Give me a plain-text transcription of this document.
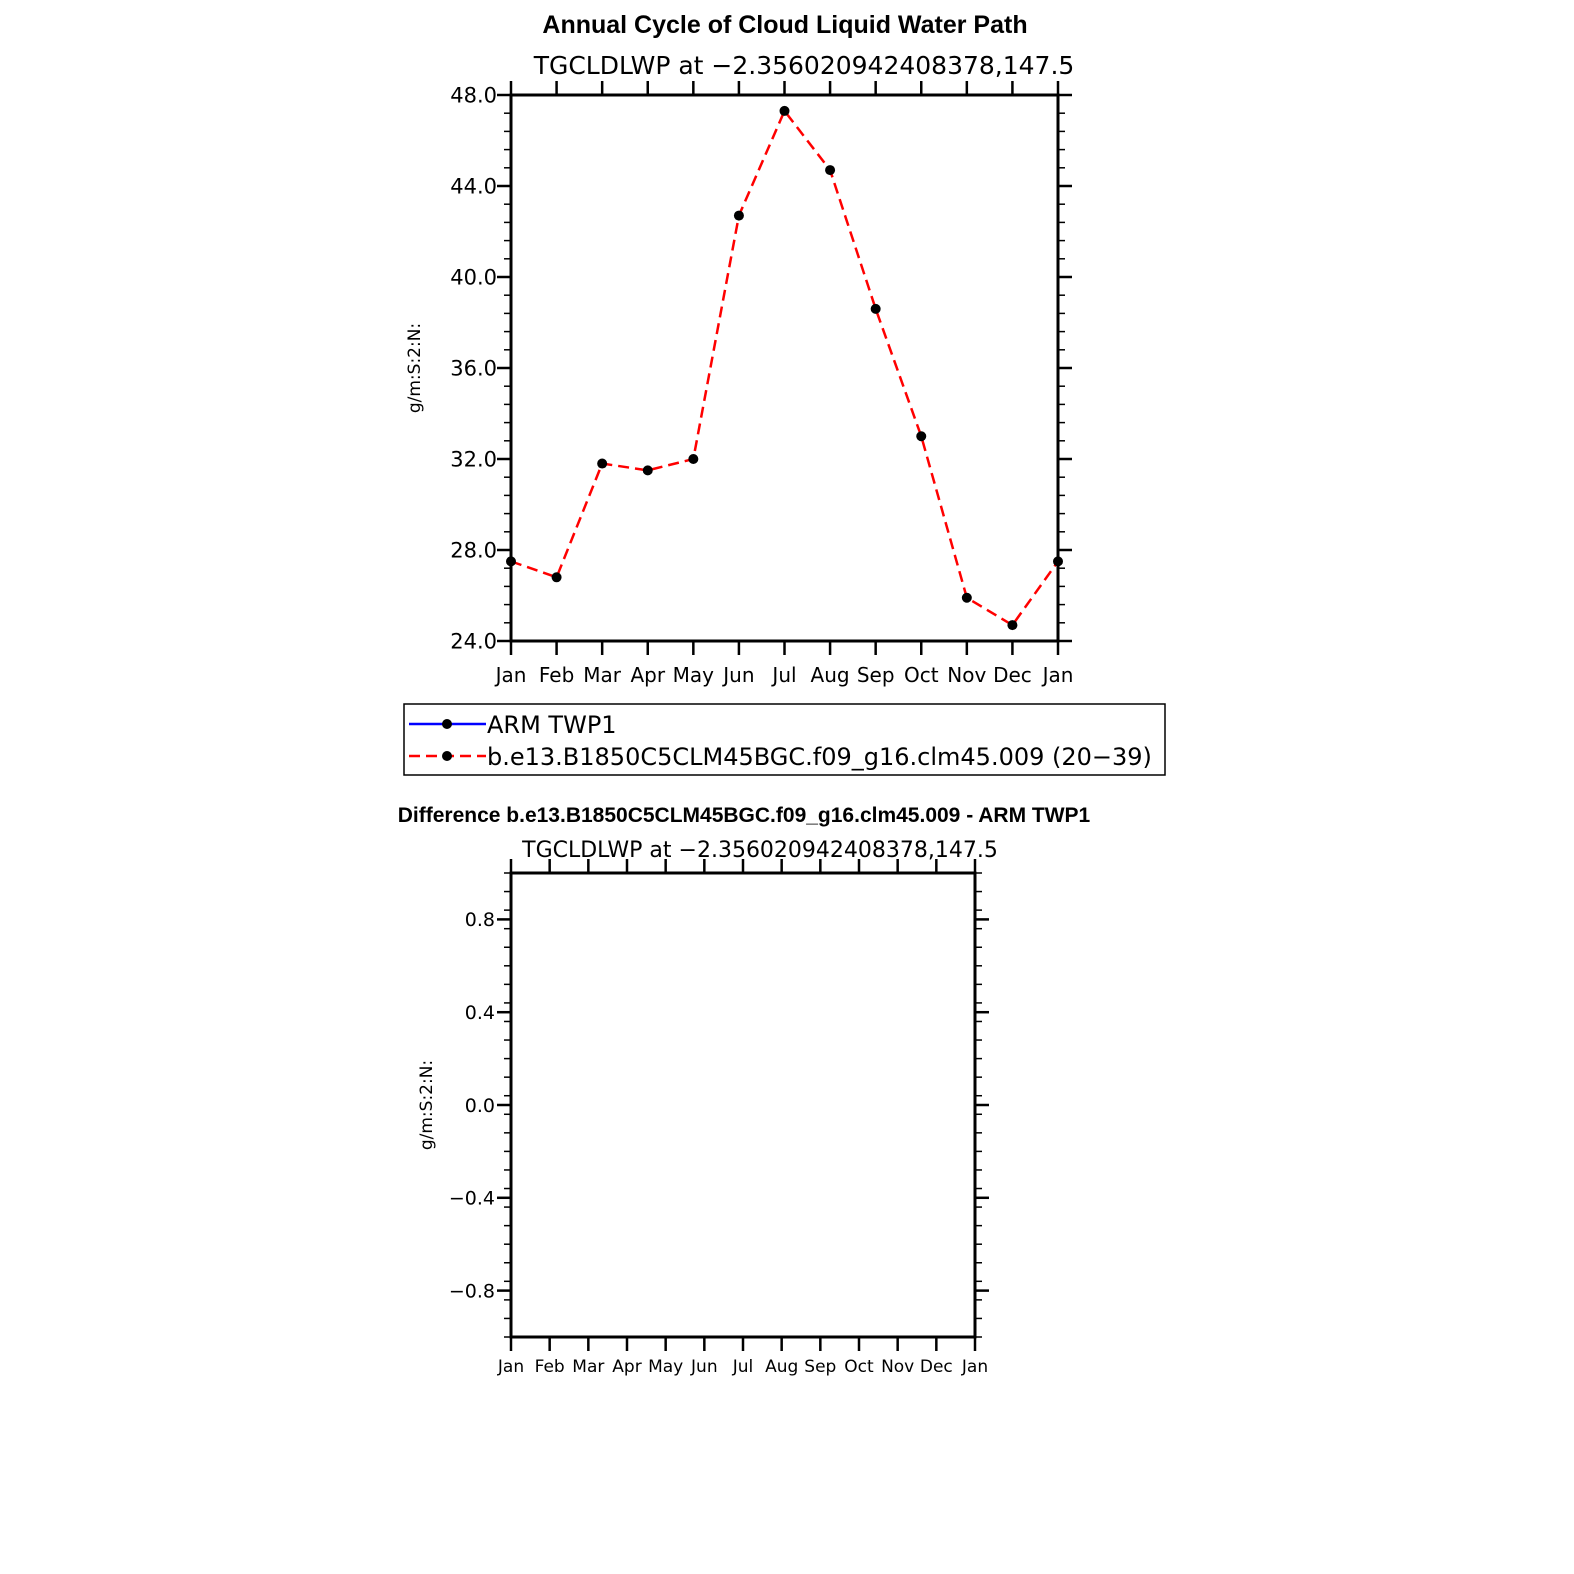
Annual Cycle of Cloud Liquid Water Path
TGCLDLWP at −2.356020942408378,147.5
24.0
28.0
32.0
36.0
40.0
44.0
48.0
Jan Feb Mar Apr May Jun Jul Aug Sep Oct Nov Dec Jan
g/m:S:2:N:
ARM TWP1
b.e13.B1850C5CLM45BGC.f09_g16.clm45.009 (20−39)
Difference b.e13.B1850C5CLM45BGC.f09_g16.clm45.009 - ARM TWP1
TGCLDLWP at −2.356020942408378,147.5
−0.8
−0.4
0.0
0.4
0.8
Jan Feb Mar Apr May Jun Jul Aug Sep Oct Nov Dec Jan
g/m:S:2:N:
